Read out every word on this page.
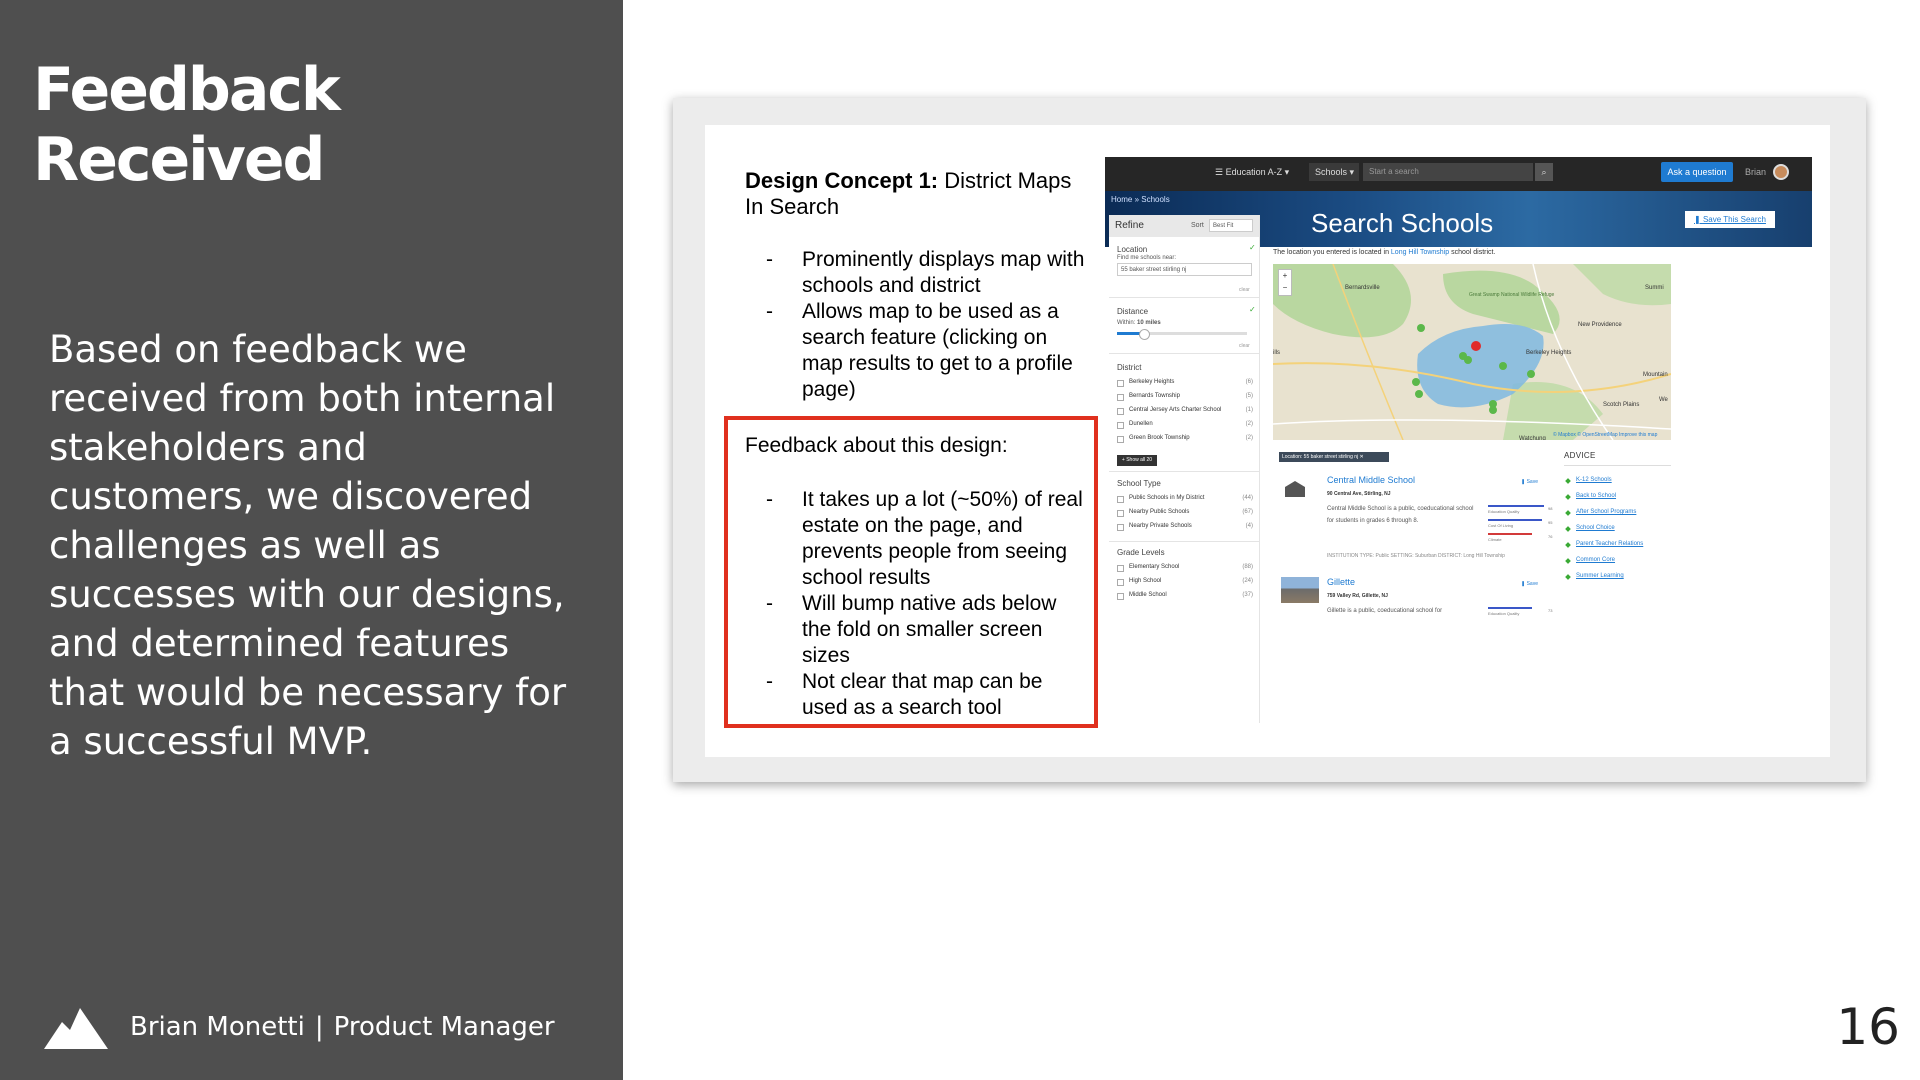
Feedback Received

Based on feedback we received from both internal stakeholders and customers, we discovered challenges as well as successes with our designs, and determined features that would be necessary for a successful MVP.

Brian Monetti | Product Manager	16
Design Concept 1: District Maps In Search
- Prominently displays map with schools and district
- Allows map to be used as a search feature (clicking on map results to get to a profile page)
Feedback about this design:
- It takes up a lot (~50%) of real estate on the page, and prevents people from seeing school results
- Will bump native ads below the fold on smaller screen sizes
- Not clear that map can be used as a search tool
☰ Education A-Z ▾	Schools ▾	Start a search	⌕	Ask a question	Brian
Home » Schools
Search Schools	❚ Save This Search
Refine	Sort	Best Fit
Location	✓
Find me schools near:
55 baker street stirling nj
clear
Distance	✓
Within: 10 miles
clear
District
Berkeley Heights	(6)
Bernards Township	(5)
Central Jersey Arts Charter School	(1)
Dunellen	(2)
Green Brook Township	(2)
+ Show all 20
School Type
Public Schools in My District	(44)
Nearby Public Schools	(67)
Nearby Private Schools	(4)
Grade Levels
Elementary School	(88)
High School	(24)
Middle School	(37)
The location you entered is located in Long Hill Township school district.
Bernardsville
Great Swamp National Wildlife Refuge
Summi
New Providence
Berkeley Heights
Mountain
Scotch Plains
We
Watchung
ills
+
−
© Mapbox © OpenStreetMap Improve this map
Location: 55 baker street stirling nj ✕
Central Middle School	❚ Save
90 Central Ave, Stirling, NJ
Central Middle School is a public, coeducational school for students in grades 6 through 8.
Education Quality
98
Cost Of Living
95
Climate
76
INSTITUTION TYPE: Public SETTING: Suburban DISTRICT: Long Hill Township
Gillette	❚ Save
759 Valley Rd, Gillette, NJ
Gillette is a public, coeducational school for	Education Quality
73
ADVICE
K-12 Schools
Back to School
After School Programs
School Choice
Parent Teacher Relations
Common Core
Summer Learning
